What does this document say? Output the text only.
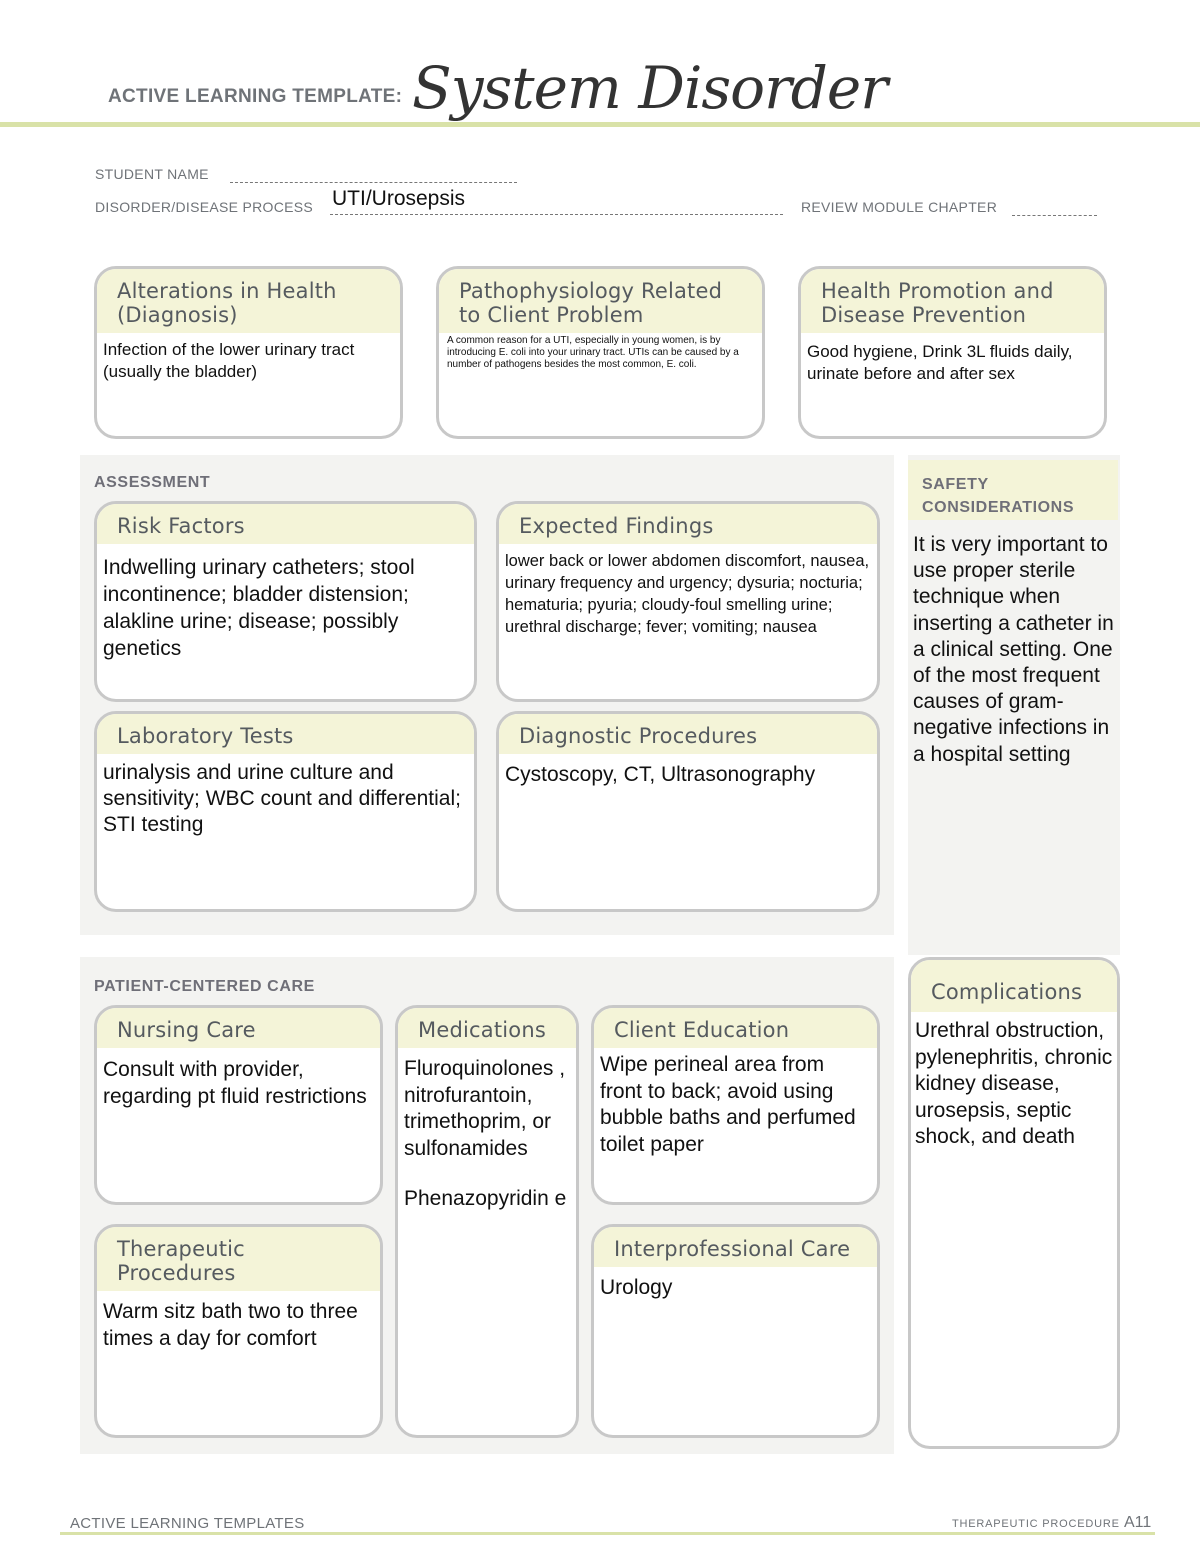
ACTIVE LEARNING TEMPLATE: System Disorder
STUDENT NAME
DISORDER/DISEASE PROCESS UTI/Urosepsis	REVIEW MODULE CHAPTER
Alterations in Health (Diagnosis)
Infection of the lower urinary tract (usually the bladder)
Pathophysiology Related to Client Problem
A common reason for a UTI, especially in young women, is by introducing E. coli into your urinary tract. UTIs can be caused by a number of pathogens besides the most common, E. coli.
Health Promotion and Disease Prevention
Good hygiene, Drink 3L fluids daily, urinate before and after sex
ASSESSMENT
Risk Factors
Indwelling urinary catheters; stool incontinence; bladder distension; alakline urine; disease; possibly genetics
Expected Findings
lower back or lower abdomen discomfort, nausea, urinary frequency and urgency; dysuria; nocturia; hematuria; pyuria; cloudy-foul smelling urine; urethral discharge; fever; vomiting; nausea
Laboratory Tests
urinalysis and urine culture and sensitivity; WBC count and differential; STI testing
Diagnostic Procedures
Cystoscopy, CT, Ultrasonography
SAFETY CONSIDERATIONS
It is very important to use proper sterile technique when inserting a catheter in a clinical setting. One of the most frequent causes of gram-negative infections in a hospital setting
PATIENT-CENTERED CARE
Nursing Care
Consult with provider, regarding pt fluid restrictions
Medications
Fluroquinolones , nitrofurantoin, trimethoprim, or sulfonamides
Phenazopyridin e
Client Education
Wipe perineal area from front to back; avoid using bubble baths and perfumed toilet paper
Therapeutic Procedures
Warm sitz bath two to three times a day for comfort
Interprofessional Care
Urology
Complications
Urethral obstruction, pylenephritis, chronic kidney disease, urosepsis, septic shock, and death
ACTIVE LEARNING TEMPLATES	THERAPEUTIC PROCEDURE A11
